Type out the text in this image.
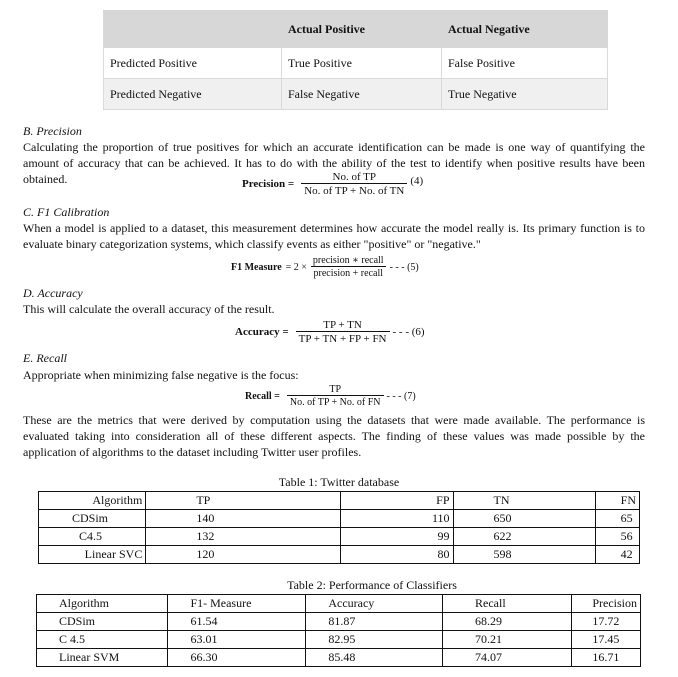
	Actual Positive	Actual Negative
Predicted Positive	True Positive	False Positive
Predicted Negative	False Negative	True Negative
B. Precision
Calculating the proportion of true positives for which an accurate identification can be made is one way of quantifying the amount of accuracy that can be achieved. It has to do with the ability of the test to identify when positive results have been obtained.	Precision = $\frac{\text{No. of TP}}{\text{No. of TP + No. of TN}} (4)$
C. F1 Calibration
When a model is applied to a dataset, this measurement determines how accurate the model really is. Its primary function is to evaluate binary categorization systems, which classify events as either "positive" or "negative."
F1 Measure = $2 \times \frac{\text{precision ∗ recall}}{\text{precision + recall}}$ - - - (5)
D. Accuracy
This will calculate the overall accuracy of the result.
Accuracy = $\frac{TP + TN}{TP + TN + FP + FN}$ - - - (6)
E. Recall
Appropriate when minimizing false negative is the focus:
Recall = $\frac{TP}{\text{No. of TP + No. of FN}}$ - - - (7)
These are the metrics that were derived by computation using the datasets that were made available. The performance is evaluated taking into consideration all of these different aspects. The finding of these values was made possible by the application of algorithms to the dataset including Twitter user profiles.
Table 1: Twitter database
Algorithm	TP	FP	TN	FN
CDSim	140	110	650	65
C4.5	132	99	622	56
Linear SVC	120	80	598	42
Table 2: Performance of Classifiers
Algorithm	F1- Measure	Accuracy	Recall	Precision
CDSim	61.54	81.87	68.29	17.72
C 4.5	63.01	82.95	70.21	17.45
Linear SVM	66.30	85.48	74.07	16.71
